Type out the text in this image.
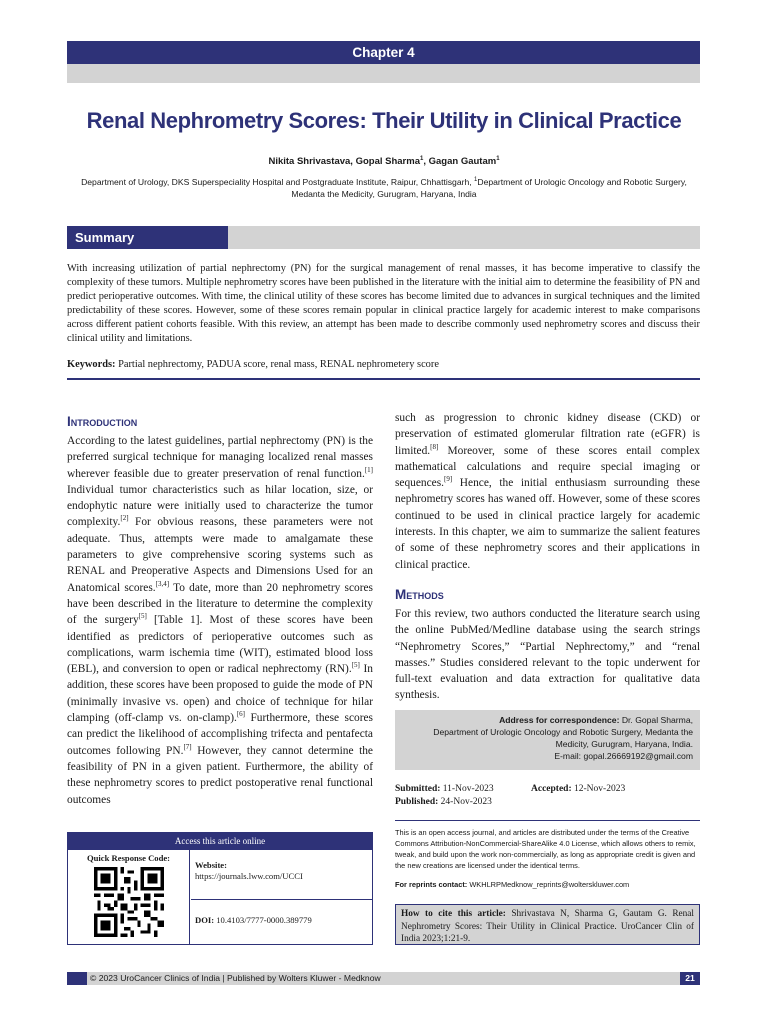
Chapter 4
Renal Nephrometry Scores: Their Utility in Clinical Practice
Nikita Shrivastava, Gopal Sharma$^1$, Gagan Gautam$^1$
Department of Urology, DKS Superspeciality Hospital and Postgraduate Institute, Raipur, Chhattisgarh, $^1$Department of Urologic Oncology and Robotic Surgery, Medanta the Medicity, Gurugram, Haryana, India
Summary

With increasing utilization of partial nephrectomy (PN) for the surgical management of renal masses, it has become imperative to classify the complexity of these tumors. Multiple nephrometry scores have been published in the literature with the initial aim to determine the feasibility of PN and predict perioperative outcomes. With time, the clinical utility of these scores has become limited due to advances in surgical techniques and the limited predictability of these scores. However, some of these scores remain popular in clinical practice largely for academic interest to make comparisons across different patient cohorts feasible. With this review, an attempt has been made to describe commonly used nephrometry scores and discuss their clinical utility and limitations.

Keywords: Partial nephrectomy, PADUA score, renal mass, RENAL nephrometery score

Introduction

According to the latest guidelines, partial nephrectomy (PN) is the preferred surgical technique for managing localized renal masses wherever feasible due to greater preservation of renal function.[1] Individual tumor characteristics such as hilar location, size, or endophytic nature were initially used to characterize the tumor complexity.[2] For obvious reasons, these parameters were not adequate. Thus, attempts were made to amalgamate these parameters to give comprehensive scoring systems such as RENAL and Preoperative Aspects and Dimensions Used for an Anatomical scores.[3,4] To date, more than 20 nephrometry scores have been described in the literature to determine the complexity of the surgery[5] [Table 1]. Most of these scores have been identified as predictors of perioperative outcomes such as complications, warm ischemia time (WIT), estimated blood loss (EBL), and conversion to open or radical nephrectomy (RN).[5] In addition, these scores have been proposed to guide the mode of PN (minimally invasive vs. open) and choice of technique for hilar clamping (off-clamp vs. on-clamp).[6] Furthermore, these scores can predict the likelihood of accomplishing trifecta and pentafecta outcomes following PN.[7] However, they cannot determine the feasibility of PN in a given patient. Furthermore, the ability of these nephrometry scores to predict postoperative renal functional outcomes

such as progression to chronic kidney disease (CKD) or preservation of estimated glomerular filtration rate (eGFR) is limited.[8] Moreover, some of these scores entail complex mathematical calculations and require special imaging or sequences.[9] Hence, the initial enthusiasm surrounding these nephrometry scores has waned off. However, some of these scores continued to be used in clinical practice largely for academic interests. In this chapter, we aim to summarize the salient features of some of these nephrometry scores and their applications in clinical practice.

Methods

For this review, two authors conducted the literature search using the online PubMed/Medline database using the search strings “Nephrometry Scores,” “Partial Nephrectomy,” and “renal masses.” Studies considered relevant to the topic underwent for full-text evaluation and data extraction for qualitative data synthesis.

Address for correspondence: Dr. Gopal Sharma,
Department of Urologic Oncology and Robotic Surgery, Medanta the
Medicity, Gurugram, Haryana, India.
E-mail: gopal.26669192@gmail.com
Submitted: 11-Nov-2023	Accepted: 12-Nov-2023
Published: 24-Nov-2023

This is an open access journal, and articles are distributed under the terms of the Creative Commons Attribution-NonCommercial-ShareAlike 4.0 License, which allows others to remix, tweak, and build upon the work non-commercially, as long as appropriate credit is given and the new creations are licensed under the identical terms.

For reprints contact: WKHLRPMedknow_reprints@wolterskluwer.com

How to cite this article: Shrivastava N, Sharma G, Gautam G. Renal Nephrometry Scores: Their Utility in Clinical Practice. UroCancer Clin of India 2023;1:21-9.
Access this article online
Quick Response Code:
Website:
https://journals.lww.com/UCCI
DOI: 10.4103/7777-0000.389779
© 2023 UroCancer Clinics of India | Published by Wolters Kluwer - Medknow	21
